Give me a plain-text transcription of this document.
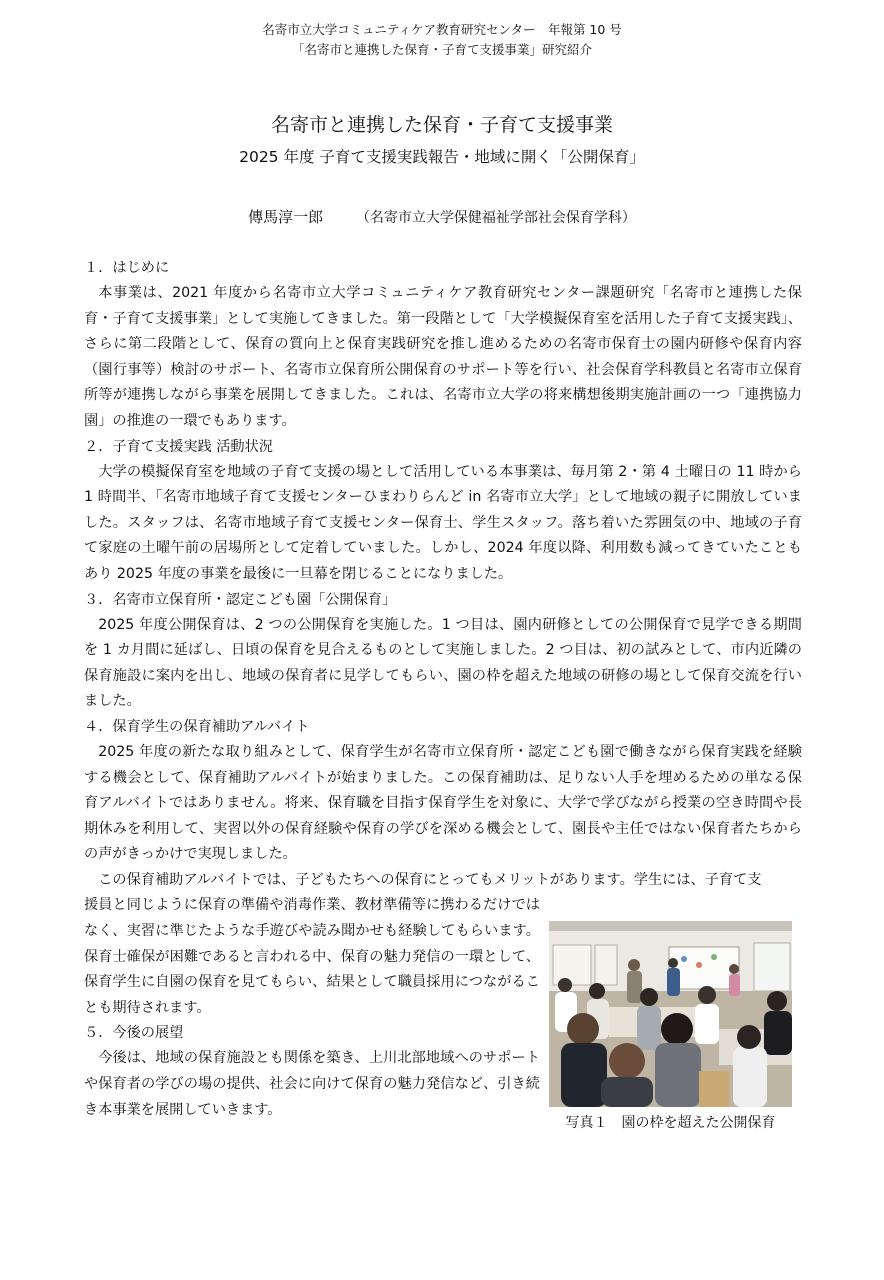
名寄市立大学コミュニティケア教育研究センター　年報第 10 号
「名寄市と連携した保育・子育て支援事業」研究紹介
名寄市と連携した保育・子育て支援事業
2025 年度 子育て支援実践報告・地域に開く「公開保育」
傳馬淳一郎 （名寄市立大学保健福祉学部社会保育学科）

１．はじめに

本事業は、2021 年度から名寄市立大学コミュニティケア教育研究センター課題研究「名寄市と連携した保育・子育て支援事業」として実施してきました。第一段階として「大学模擬保育室を活用した子育て支援実践」、さらに第二段階として、保育の質向上と保育実践研究を推し進めるための名寄市保育士の園内研修や保育内容（園行事等）検討のサポート、名寄市立保育所公開保育のサポート等を行い、社会保育学科教員と名寄市立保育所等が連携しながら事業を展開してきました。これは、名寄市立大学の将来構想後期実施計画の一つ「連携協力園」の推進の一環でもあります。

２．子育て支援実践 活動状況

大学の模擬保育室を地域の子育て支援の場として活用している本事業は、毎月第 2・第 4 土曜日の 11 時から 1 時間半、「名寄市地域子育て支援センターひまわりらんど in 名寄市立大学」として地域の親子に開放していました。スタッフは、名寄市地域子育て支援センター保育士、学生スタッフ。落ち着いた雰囲気の中、地域の子育て家庭の土曜午前の居場所として定着していました。しかし、2024 年度以降、利用数も減ってきていたこともあり 2025 年度の事業を最後に一旦幕を閉じることになりました。

３．名寄市立保育所・認定こども園「公開保育」

2025 年度公開保育は、2 つの公開保育を実施した。1 つ目は、園内研修としての公開保育で見学できる期間を 1 カ月間に延ばし、日頃の保育を見合えるものとして実施しました。2 つ目は、初の試みとして、市内近隣の保育施設に案内を出し、地域の保育者に見学してもらい、園の枠を超えた地域の研修の場として保育交流を行いました。

４．保育学生の保育補助アルバイト

2025 年度の新たな取り組みとして、保育学生が名寄市立保育所・認定こども園で働きながら保育実践を経験する機会として、保育補助アルバイトが始まりました。この保育補助は、足りない人手を埋めるための単なる保育アルバイトではありません。将来、保育職を目指す保育学生を対象に、大学で学びながら授業の空き時間や長期休みを利用して、実習以外の保育経験や保育の学びを深める機会として、園長や主任ではない保育者たちからの声がきっかけで実現しました。

この保育補助アルバイトでは、子どもたちへの保育にとってもメリットがあります。学生には、子育て支

援員と同じように保育の準備や消毒作業、教材準備等に携わるだけではなく、実習に準じたような手遊びや読み聞かせも経験してもらいます。保育士確保が困難であると言われる中、保育の魅力発信の一環として、保育学生に自園の保育を見てもらい、結果として職員採用につながることも期待されます。

５．今後の展望

今後は、地域の保育施設とも関係を築き、上川北部地域へのサポートや保育者の学びの場の提供、社会に向けて保育の魅力発信など、引き続き本事業を展開していきます。

写真１　園の枠を超えた公開保育
